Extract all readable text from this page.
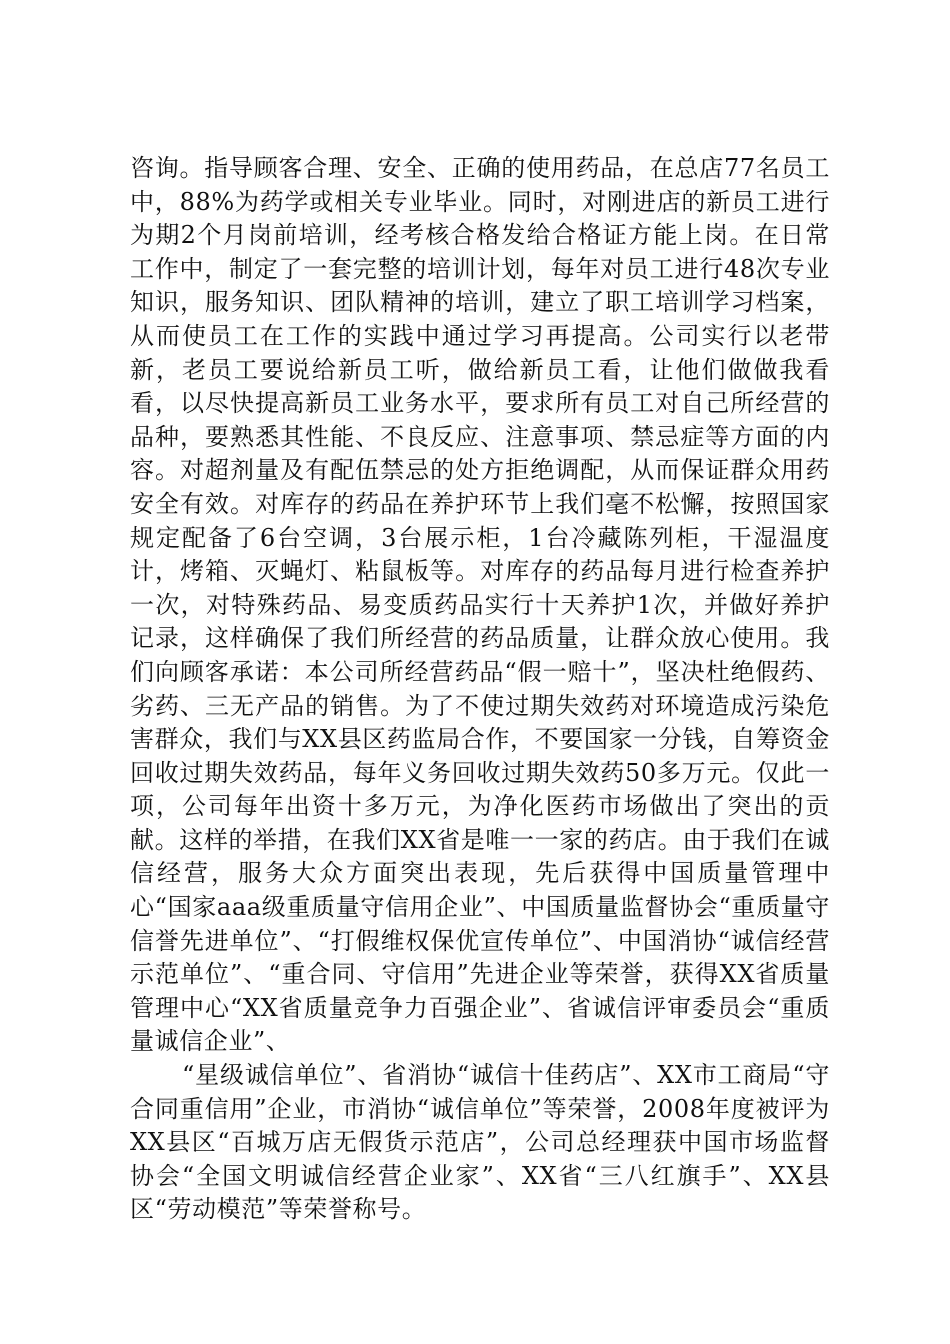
咨询。指导顾客合理、安全、正确的使用药品，在总店77名员工中，88%为药学或相关专业毕业。同时，对刚进店的新员工进行为期2个月岗前培训，经考核合格发给合格证方能上岗。在日常工作中，制定了一套完整的培训计划，每年对员工进行48次专业知识，服务知识、团队精神的培训，建立了职工培训学习档案，从而使员工在工作的实践中通过学习再提高。公司实行以老带新，老员工要说给新员工听，做给新员工看，让他们做做我看看，以尽快提高新员工业务水平，要求所有员工对自己所经营的品种，要熟悉其性能、不良反应、注意事项、禁忌症等方面的内容。对超剂量及有配伍禁忌的处方拒绝调配，从而保证群众用药安全有效。对库存的药品在养护环节上我们毫不松懈，按照国家规定配备了6台空调，3台展示柜，1台冷藏陈列柜，干湿温度计，烤箱、灭蝇灯、粘鼠板等。对库存的药品每月进行检查养护一次，对特殊药品、易变质药品实行十天养护1次，并做好养护记录，这样确保了我们所经营的药品质量，让群众放心使用。我们向顾客承诺：本公司所经营药品“假一赔十”，坚决杜绝假药、劣药、三无产品的销售。为了不使过期失效药对环境造成污染危害群众，我们与XX县区药监局合作，不要国家一分钱，自筹资金回收过期失效药品，每年义务回收过期失效药50多万元。仅此一项，公司每年出资十多万元，为净化医药市场做出了突出的贡献。这样的举措，在我们XX省是唯一一家的药店。由于我们在诚信经营，服务大众方面突出表现，先后获得中国质量管理中心“国家aaa级重质量守信用企业”、中国质量监督协会“重质量守信誉先进单位”、“打假维权保优宣传单位”、中国消协“诚信经营示范单位”、“重合同、守信用”先进企业等荣誉，获得XX省质量管理中心“XX省质量竞争力百强企业”、省诚信评审委员会“重质量诚信企业”、

“星级诚信单位”、省消协“诚信十佳药店”、XX市工商局“守合同重信用”企业，市消协“诚信单位”等荣誉，2008年度被评为XX县区“百城万店无假货示范店”，公司总经理获中国市场监督协会“全国文明诚信经营企业家”、XX省“三八红旗手”、XX县区“劳动模范”等荣誉称号。
